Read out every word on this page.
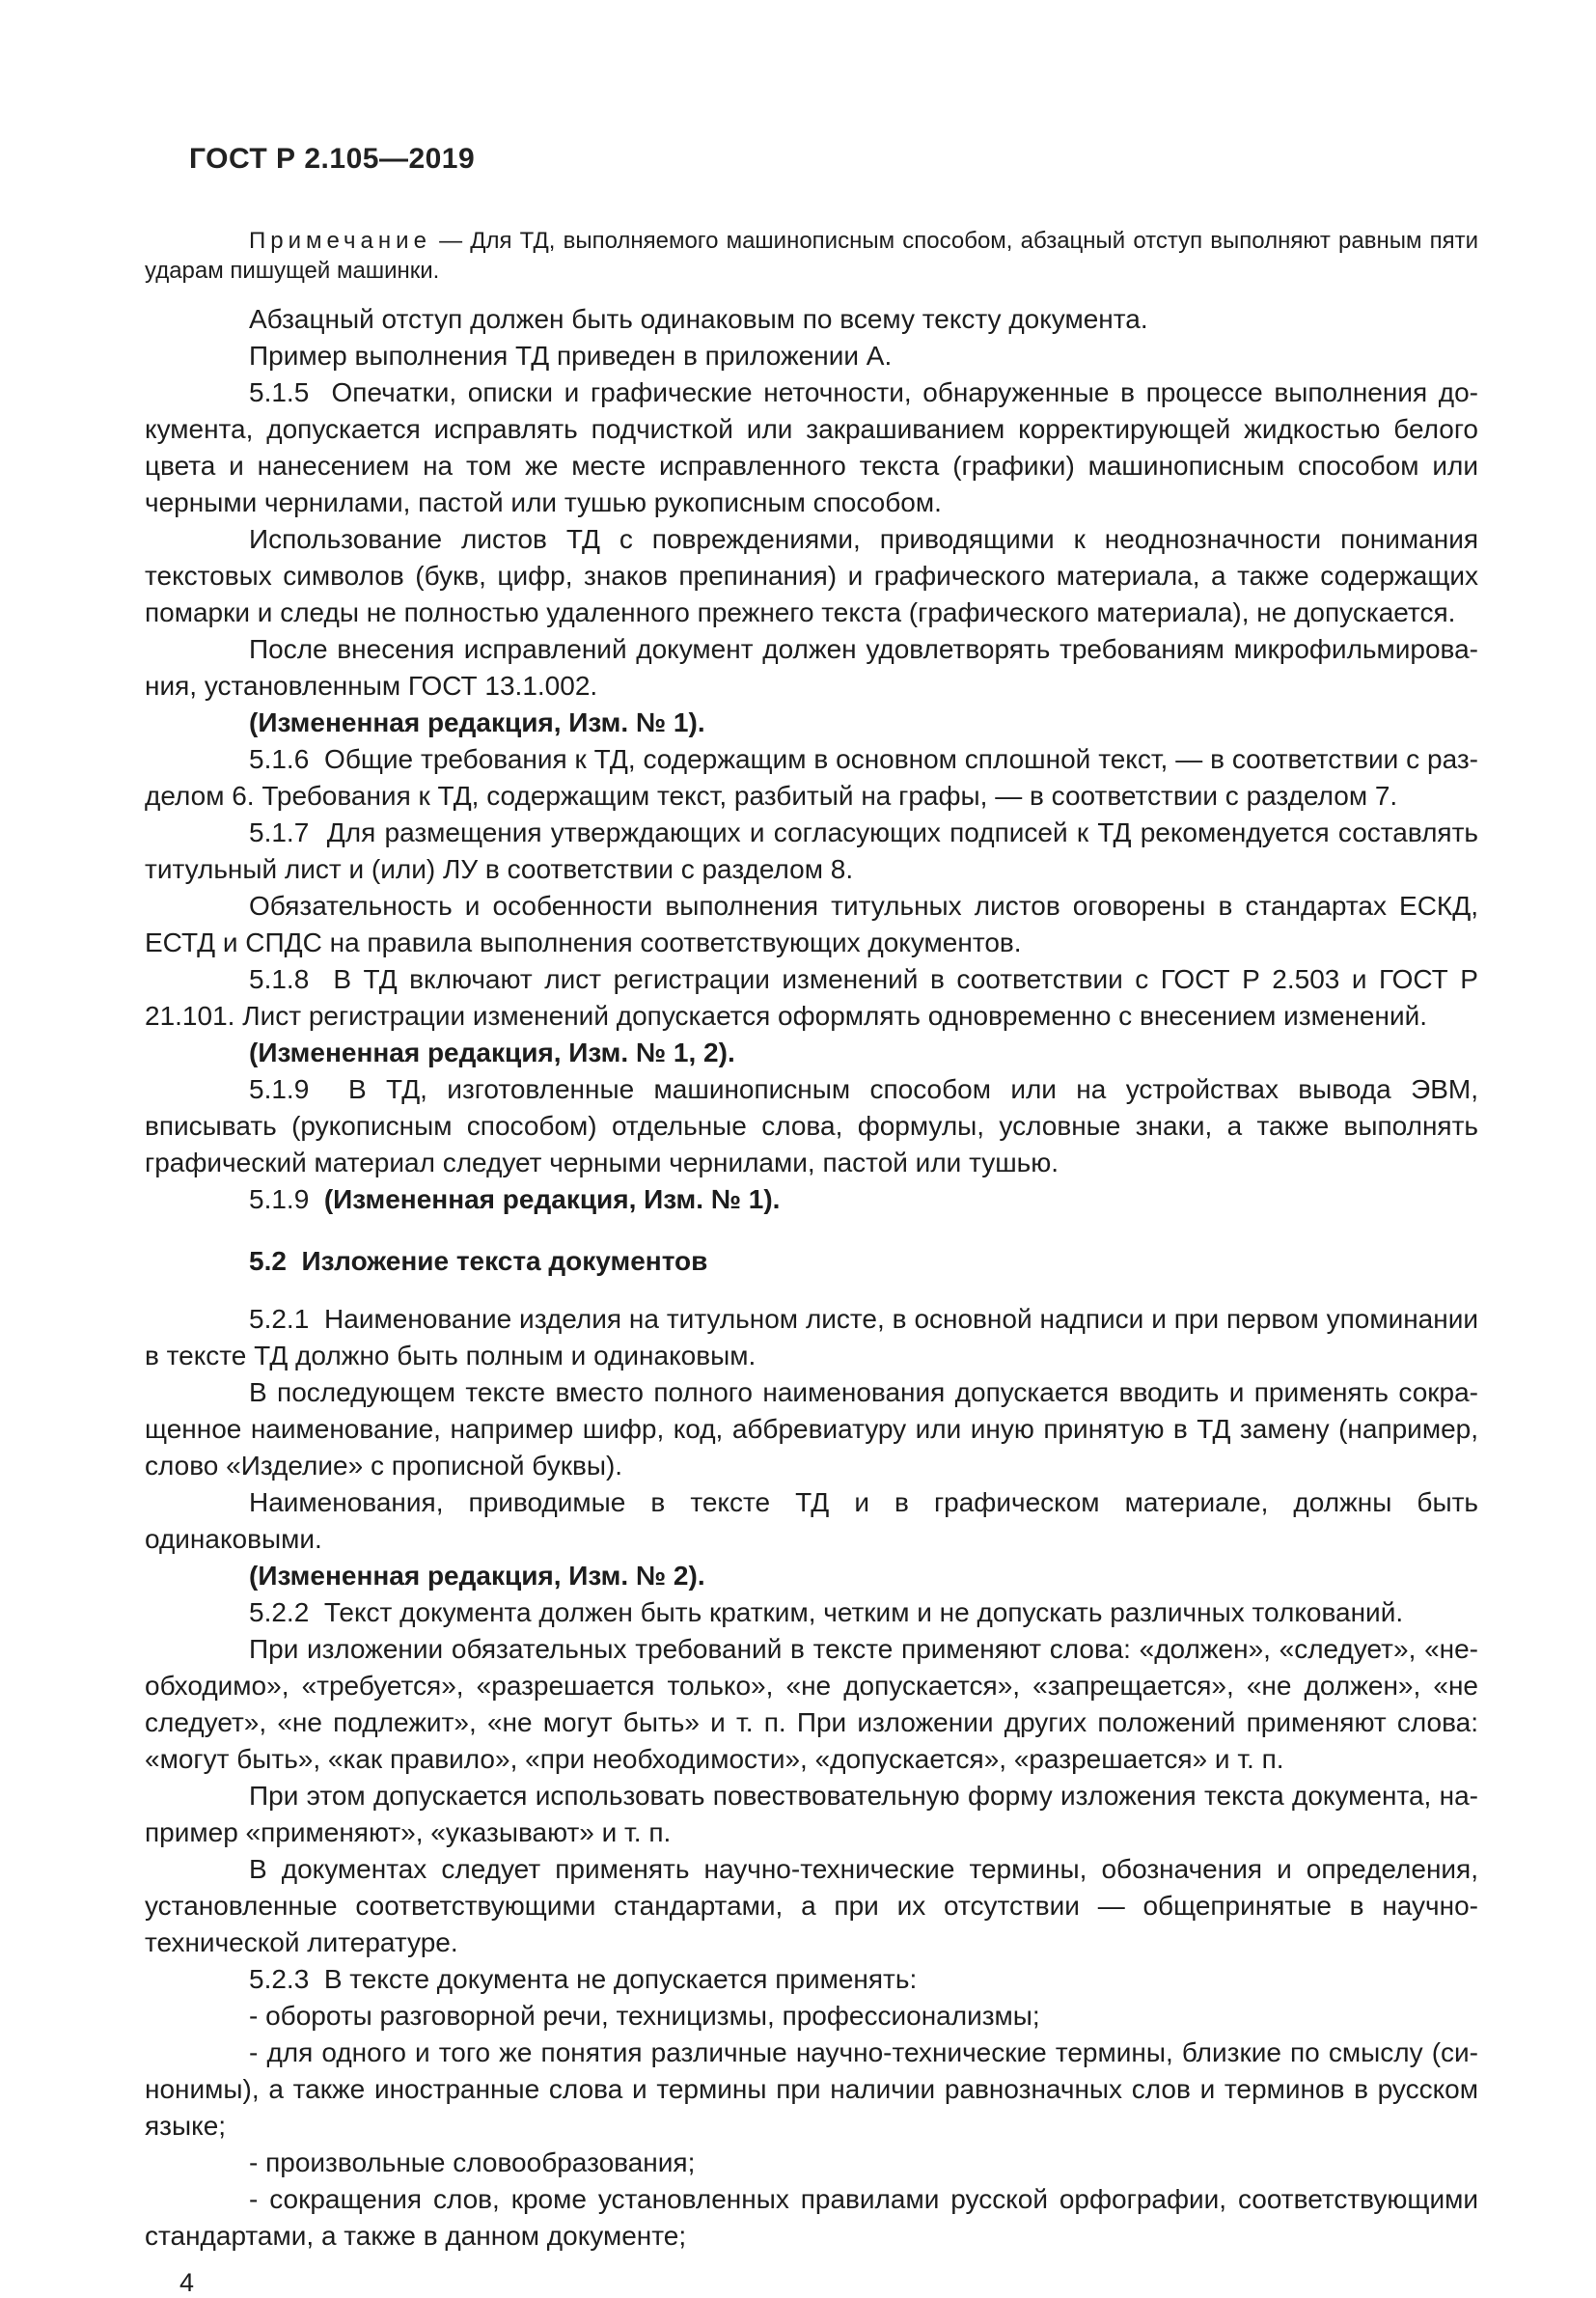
ГОСТ Р 2.105—2019

Примечание — Для ТД, выполняемого машинописным способом, абзацный отступ выполняют равным пяти ударам пишущей машинки.

Абзацный отступ должен быть одинаковым по всему тексту документа.

Пример выполнения ТД приведен в приложении А.

5.1.5  Опечатки, описки и графические неточности, обнаруженные в процессе выполнения документа, допускается исправлять подчисткой или закрашиванием корректирующей жидкостью белого цвета и нанесением на том же месте исправленного текста (графики) машинописным способом или черными чернилами, пастой или тушью рукописным способом.

Использование листов ТД с повреждениями, приводящими к неоднозначности понимания текстовых символов (букв, цифр, знаков препинания) и графического материала, а также содержащих помарки и следы не полностью удаленного прежнего текста (графического материала), не допускается.

После внесения исправлений документ должен удовлетворять требованиям микрофильмирования, установленным ГОСТ 13.1.002.

(Измененная редакция, Изм. № 1).

5.1.6  Общие требования к ТД, содержащим в основном сплошной текст, — в соответствии с разделом 6. Требования к ТД, содержащим текст, разбитый на графы, — в соответствии с разделом 7.

5.1.7  Для размещения утверждающих и согласующих подписей к ТД рекомендуется составлять титульный лист и (или) ЛУ в соответствии с разделом 8.

Обязательность и особенности выполнения титульных листов оговорены в стандартах ЕСКД, ЕСТД и СПДС на правила выполнения соответствующих документов.

5.1.8  В ТД включают лист регистрации изменений в соответствии с ГОСТ Р 2.503 и ГОСТ Р 21.101. Лист регистрации изменений допускается оформлять одновременно с внесением изменений.

(Измененная редакция, Изм. № 1, 2).

5.1.9  В ТД, изготовленные машинописным способом или на устройствах вывода ЭВМ, вписывать (рукописным способом) отдельные слова, формулы, условные знаки, а также выполнять графический материал следует черными чернилами, пастой или тушью.

5.1.9  (Измененная редакция, Изм. № 1).

5.2  Изложение текста документов

5.2.1  Наименование изделия на титульном листе, в основной надписи и при первом упоминании в тексте ТД должно быть полным и одинаковым.

В последующем тексте вместо полного наименования допускается вводить и применять сокращенное наименование, например шифр, код, аббревиатуру или иную принятую в ТД замену (например, слово «Изделие» с прописной буквы).

Наименования, приводимые в тексте ТД и в графическом материале, должны быть одинаковыми.

(Измененная редакция, Изм. № 2).

5.2.2  Текст документа должен быть кратким, четким и не допускать различных толкований.

При изложении обязательных требований в тексте применяют слова: «должен», «следует», «необходимо», «требуется», «разрешается только», «не допускается», «запрещается», «не должен», «не следует», «не подлежит», «не могут быть» и т. п. При изложении других положений применяют слова: «могут быть», «как правило», «при необходимости», «допускается», «разрешается» и т. п.

При этом допускается использовать повествовательную форму изложения текста документа, например «применяют», «указывают» и т. п.

В документах следует применять научно-технические термины, обозначения и определения, установленные соответствующими стандартами, а при их отсутствии — общепринятые в научно-технической литературе.

5.2.3  В тексте документа не допускается применять:

- обороты разговорной речи, техницизмы, профессионализмы;

- для одного и того же понятия различные научно-технические термины, близкие по смыслу (синонимы), а также иностранные слова и термины при наличии равнозначных слов и терминов в русском языке;

- произвольные словообразования;

- сокращения слов, кроме установленных правилами русской орфографии, соответствующими стандартами, а также в данном документе;

4
